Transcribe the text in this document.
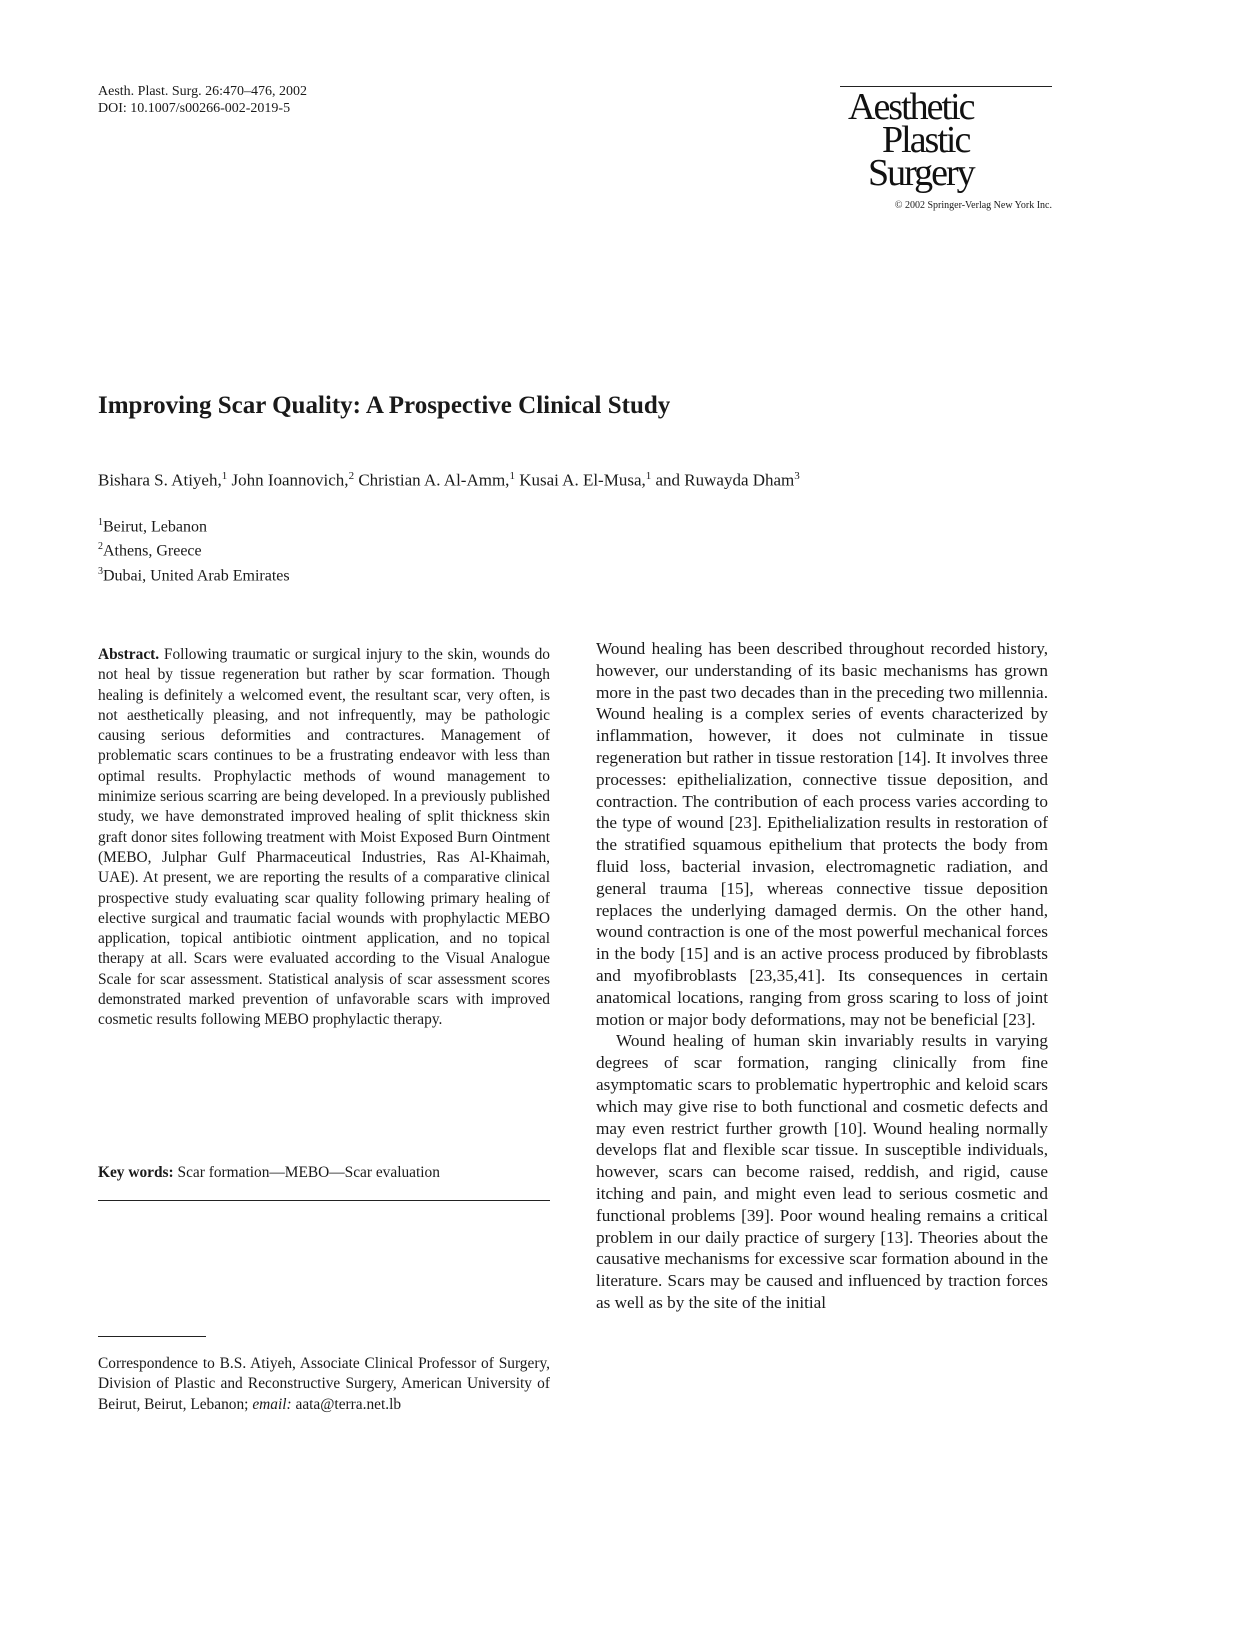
Aesth. Plast. Surg. 26:470–476, 2002
DOI: 10.1007/s00266-002-2019-5	Aesthetic
Plastic
Surgery
© 2002 Springer-Verlag New York Inc.
Improving Scar Quality: A Prospective Clinical Study
Bishara S. Atiyeh,$^1$ John Ioannovich,$^2$ Christian A. Al-Amm,$^1$ Kusai A. El-Musa,$^1$ and Ruwayda Dham$^3$
$^1$Beirut, Lebanon
$^2$Athens, Greece
$^3$Dubai, United Arab Emirates

Abstract. Following traumatic or surgical injury to the skin, wounds do not heal by tissue regeneration but rather by scar formation. Though healing is definitely a welcomed event, the resultant scar, very often, is not aesthetically pleasing, and not infrequently, may be pathologic causing serious deformities and contractures. Management of problematic scars continues to be a frustrating endeavor with less than optimal results. Prophylactic methods of wound management to minimize serious scarring are being developed. In a previously published study, we have demonstrated improved healing of split thickness skin graft donor sites following treatment with Moist Exposed Burn Ointment (MEBO, Julphar Gulf Pharmaceutical Industries, Ras Al-Khaimah, UAE). At present, we are reporting the results of a comparative clinical prospective study evaluating scar quality following primary healing of elective surgical and traumatic facial wounds with prophylactic MEBO application, topical antibiotic ointment application, and no topical therapy at all. Scars were evaluated according to the Visual Analogue Scale for scar assessment. Statistical analysis of scar assessment scores demonstrated marked prevention of unfavorable scars with improved cosmetic results following MEBO prophylactic therapy.

Key words: Scar formation—MEBO—Scar evaluation

Correspondence to B.S. Atiyeh, Associate Clinical Professor of Surgery, Division of Plastic and Reconstructive Surgery, American University of Beirut, Beirut, Lebanon; email: aata@terra.net.lb

Wound healing has been described throughout recorded history, however, our understanding of its basic mechanisms has grown more in the past two decades than in the preceding two millennia. Wound healing is a complex series of events characterized by inflammation, however, it does not culminate in tissue regeneration but rather in tissue restoration [14]. It involves three processes: epithelialization, connective tissue deposition, and contraction. The contribution of each process varies according to the type of wound [23]. Epithelialization results in restoration of the stratified squamous epithelium that protects the body from fluid loss, bacterial invasion, electromagnetic radiation, and general trauma [15], whereas connective tissue deposition replaces the underlying damaged dermis. On the other hand, wound contraction is one of the most powerful mechanical forces in the body [15] and is an active process produced by fibroblasts and myofibroblasts [23,35,41]. Its consequences in certain anatomical locations, ranging from gross scaring to loss of joint motion or major body deformations, may not be beneficial [23].

Wound healing of human skin invariably results in varying degrees of scar formation, ranging clinically from fine asymptomatic scars to problematic hypertrophic and keloid scars which may give rise to both functional and cosmetic defects and may even restrict further growth [10]. Wound healing normally develops flat and flexible scar tissue. In susceptible individuals, however, scars can become raised, reddish, and rigid, cause itching and pain, and might even lead to serious cosmetic and functional problems [39]. Poor wound healing remains a critical problem in our daily practice of surgery [13]. Theories about the causative mechanisms for excessive scar formation abound in the literature. Scars may be caused and influenced by traction forces as well as by the site of the initial
